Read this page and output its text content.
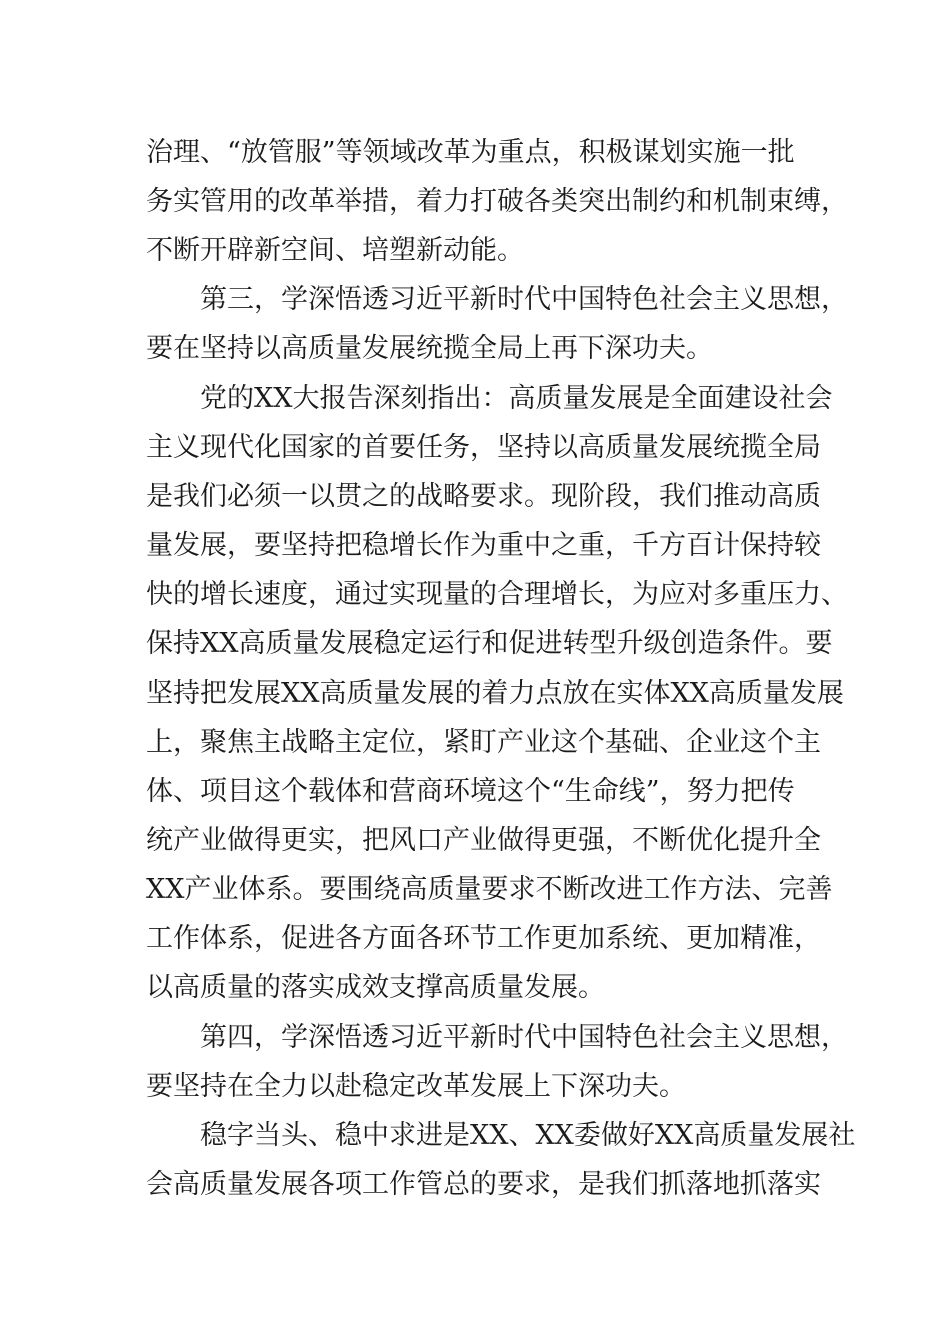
治理、“放管服”等领域改革为重点，积极谋划实施一批
务实管用的改革举措，着力打破各类突出制约和机制束缚，
不断开辟新空间、培塑新动能。
第三，学深悟透习近平新时代中国特色社会主义思想，
要在坚持以高质量发展统揽全局上再下深功夫。
党的XX大报告深刻指出：高质量发展是全面建设社会
主义现代化国家的首要任务，坚持以高质量发展统揽全局
是我们必须一以贯之的战略要求。现阶段，我们推动高质
量发展，要坚持把稳增长作为重中之重，千方百计保持较
快的增长速度，通过实现量的合理增长，为应对多重压力、
保持XX高质量发展稳定运行和促进转型升级创造条件。要
坚持把发展XX高质量发展的着力点放在实体XX高质量发展
上，聚焦主战略主定位，紧盯产业这个基础、企业这个主
体、项目这个载体和营商环境这个“生命线”，努力把传
统产业做得更实，把风口产业做得更强，不断优化提升全
XX产业体系。要围绕高质量要求不断改进工作方法、完善
工作体系，促进各方面各环节工作更加系统、更加精准，
以高质量的落实成效支撑高质量发展。
第四，学深悟透习近平新时代中国特色社会主义思想，
要坚持在全力以赴稳定改革发展上下深功夫。
稳字当头、稳中求进是XX、XX委做好XX高质量发展社
会高质量发展各项工作管总的要求，是我们抓落地抓落实
